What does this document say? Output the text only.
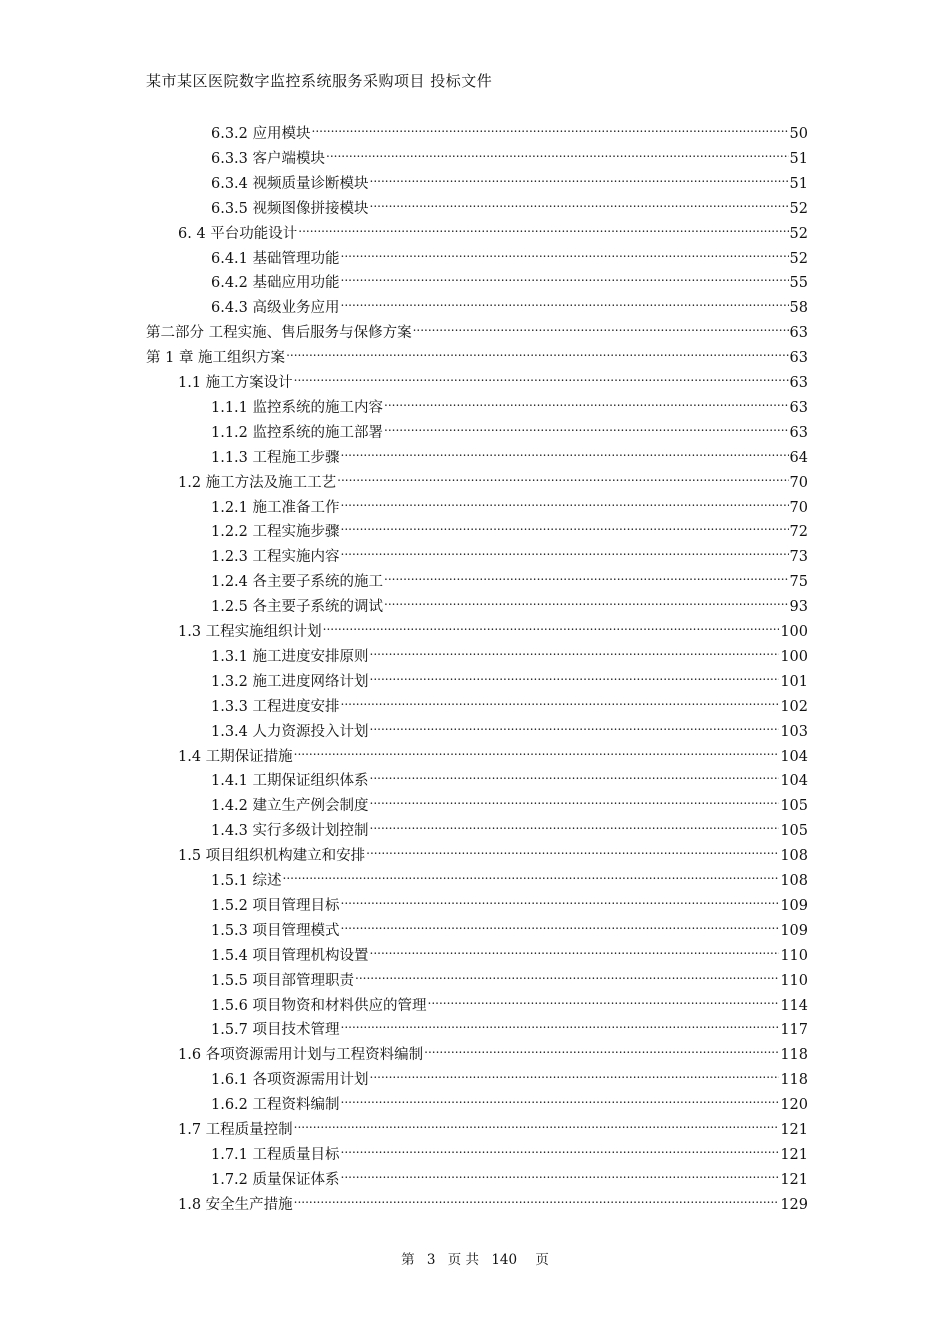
某市某区医院数字监控系统服务采购项目 投标文件
6.3.2 应用模块 .....	50
6.3.3 客户端模块 .....	51
6.3.4 视频质量诊断模块 .....	51
6.3.5 视频图像拼接模块 .....	52
6. 4 平台功能设计 .....	52
6.4.1 基础管理功能 .....	52
6.4.2 基础应用功能 .....	55
6.4.3 高级业务应用 .....	58
第二部分 工程实施、售后服务与保修方案 .....	63
第 1 章 施工组织方案 .....	63
1.1 施工方案设计 .....	63
1.1.1 监控系统的施工内容 .....	63
1.1.2 监控系统的施工部署 .....	63
1.1.3 工程施工步骤 .....	64
1.2 施工方法及施工工艺 .....	70
1.2.1 施工准备工作 .....	70
1.2.2 工程实施步骤 .....	72
1.2.3 工程实施内容 .....	73
1.2.4 各主要子系统的施工 .....	75
1.2.5 各主要子系统的调试 .....	93
1.3 工程实施组织计划 .....	100
1.3.1 施工进度安排原则 .....	100
1.3.2 施工进度网络计划 .....	101
1.3.3 工程进度安排 .....	102
1.3.4 人力资源投入计划 .....	103
1.4 工期保证措施 .....	104
1.4.1 工期保证组织体系 .....	104
1.4.2 建立生产例会制度 .....	105
1.4.3 实行多级计划控制 .....	105
1.5 项目组织机构建立和安排 .....	108
1.5.1 综述 .....	108
1.5.2 项目管理目标 .....	109
1.5.3 项目管理模式 .....	109
1.5.4 项目管理机构设置 .....	110
1.5.5 项目部管理职责 .....	110
1.5.6 项目物资和材料供应的管理 .....	114
1.5.7 项目技术管理 .....	117
1.6 各项资源需用计划与工程资料编制 .....	118
1.6.1 各项资源需用计划 .....	118
1.6.2 工程资料编制 .....	120
1.7 工程质量控制 .....	121
1.7.1 工程质量目标 .....	121
1.7.2 质量保证体系 .....	121
1.8 安全生产措施 .....	129
第 3 页 共 140 页
